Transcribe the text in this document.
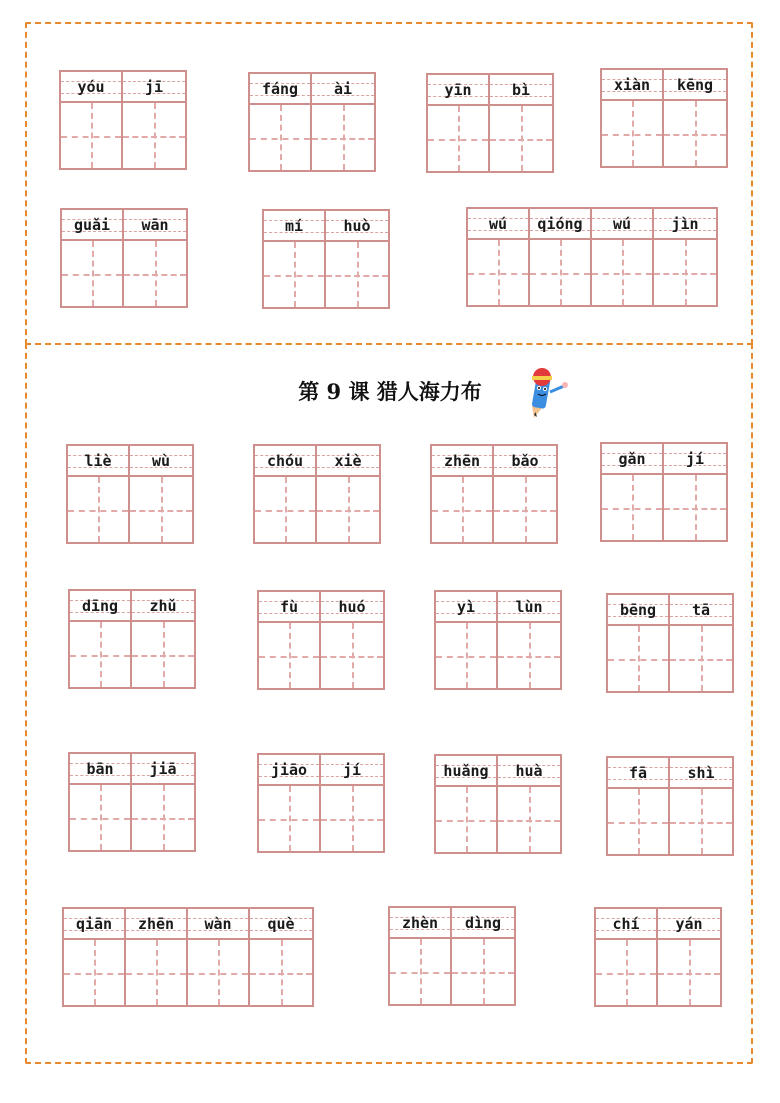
第 9 课 猎人海力布
yóu	jī	fáng	ài	yīn	bì	xiàn	kēng
guǎi	wān	mí	huò	wú	qióng	wú	jìn
liè	wù	chóu	xiè	zhēn	bǎo	gǎn	jí
dīng	zhǔ	fù	huó	yì	lùn	bēng	tā
bān	jiā	jiāo	jí	huǎng	huà	fā	shì
qiān	zhēn	wàn	què	zhèn	dìng	chí	yán
